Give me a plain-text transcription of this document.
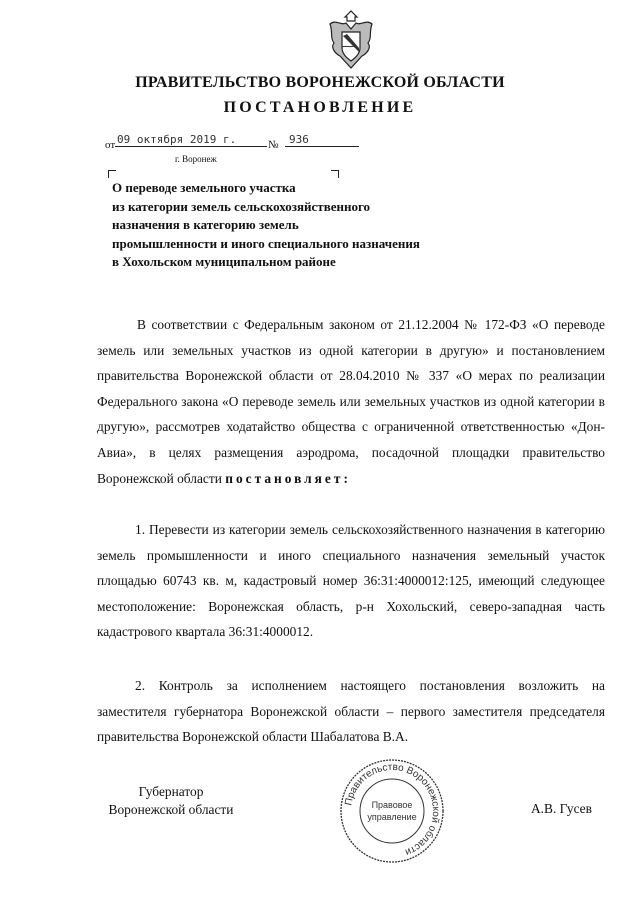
ПРАВИТЕЛЬСТВО ВОРОНЕЖСКОЙ ОБЛАСТИ
ПОСТАНОВЛЕНИЕ
от 09 октября 2019 г.	№ 936
г. Воронеж
О переводе земельного участка
из категории земель сельскохозяйственного
назначения в категорию земель
промышленности и иного специального назначения
в Хохольском муниципальном районе
В соответствии с Федеральным законом от 21.12.2004 № 172-ФЗ «О переводе земель или земельных участков из одной категории в другую» и постановлением правительства Воронежской области от 28.04.2010 № 337 «О мерах по реализации Федерального закона «О переводе земель или земельных участков из одной категории в другую», рассмотрев ходатайство общества с ограниченной ответственностью «Дон-Авиа», в целях размещения аэродрома, посадочной площадки правительство Воронежской области постановляет:
1. Перевести из категории земель сельскохозяйственного назначения в категорию земель промышленности и иного специального назначения земельный участок площадью 60743 кв. м, кадастровый номер 36:31:4000012:125, имеющий следующее местоположение: Воронежская область, р-н Хохольский, северо-западная часть кадастрового квартала 36:31:4000012.
2. Контроль за исполнением настоящего постановления возложить на заместителя губернатора Воронежской области – первого заместителя председателя правительства Воронежской области Шабалатова В.А.
Губернатор
Воронежской области	А.В. Гусев
Правительство Воронежской области
Правовое
управление
